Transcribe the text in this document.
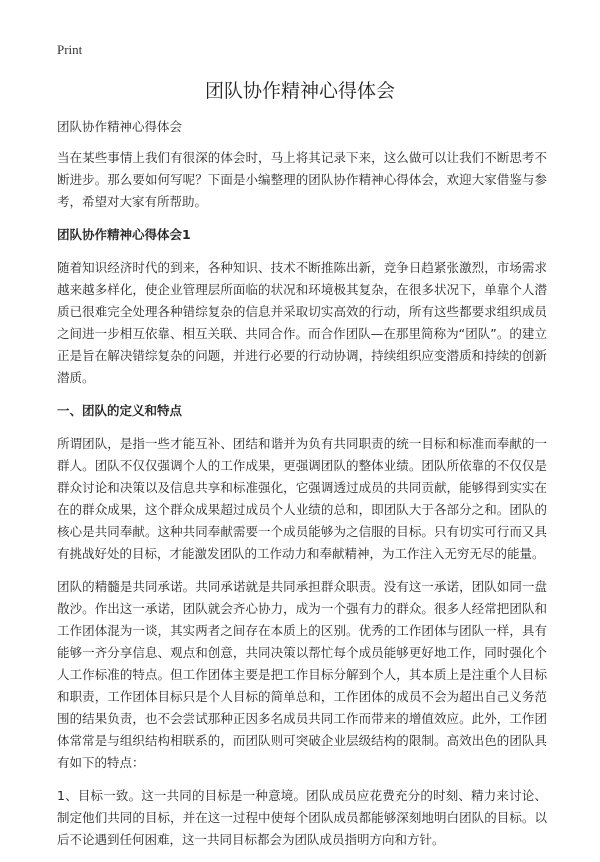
Print
团队协作精神心得体会

团队协作精神心得体会

当在某些事情上我们有很深的体会时，马上将其记录下来，这么做可以让我们不断思考不断进步。那么要如何写呢？下面是小编整理的团队协作精神心得体会，欢迎大家借鉴与参考，希望对大家有所帮助。

团队协作精神心得体会1

随着知识经济时代的到来，各种知识、技术不断推陈出新，竞争日趋紧张激烈，市场需求越来越多样化，使企业管理层所面临的状况和环境极其复杂，在很多状况下，单靠个人潜质已很难完全处理各种错综复杂的信息并采取切实高效的行动，所有这些都要求组织成员之间进一步相互依靠、相互关联、共同合作。而合作团队—在那里简称为“团队”。的建立正是旨在解决错综复杂的问题，并进行必要的行动协调，持续组织应变潜质和持续的创新潜质。

一、团队的定义和特点

所谓团队，是指一些才能互补、团结和谐并为负有共同职责的统一目标和标准而奉献的一群人。团队不仅仅强调个人的工作成果，更强调团队的整体业绩。团队所依靠的不仅仅是群众讨论和决策以及信息共享和标准强化，它强调透过成员的共同贡献，能够得到实实在在的群众成果，这个群众成果超过成员个人业绩的总和，即团队大于各部分之和。团队的核心是共同奉献。这种共同奉献需要一个成员能够为之信服的目标。只有切实可行而又具有挑战好处的目标，才能激发团队的工作动力和奉献精神，为工作注入无穷无尽的能量。

团队的精髓是共同承诺。共同承诺就是共同承担群众职责。没有这一承诺，团队如同一盘散沙。作出这一承诺，团队就会齐心协力，成为一个强有力的群众。很多人经常把团队和工作团体混为一谈，其实两者之间存在本质上的区别。优秀的工作团体与团队一样，具有能够一齐分享信息、观点和创意，共同决策以帮忙每个成员能够更好地工作，同时强化个人工作标准的特点。但工作团体主要是把工作目标分解到个人，其本质上是注重个人目标和职责，工作团体目标只是个人目标的简单总和，工作团体的成员不会为超出自己义务范围的结果负责，也不会尝试那种正因多名成员共同工作而带来的增值效应。此外，工作团体常常是与组织结构相联系的，而团队则可突破企业层级结构的限制。高效出色的团队具有如下的特点：

1、目标一致。这一共同的目标是一种意境。团队成员应花费充分的时刻、精力来讨论、制定他们共同的目标，并在这一过程中使每个团队成员都能够深刻地明白团队的目标。以后不论遇到任何困难，这一共同目标都会为团队成员指明方向和方针。
